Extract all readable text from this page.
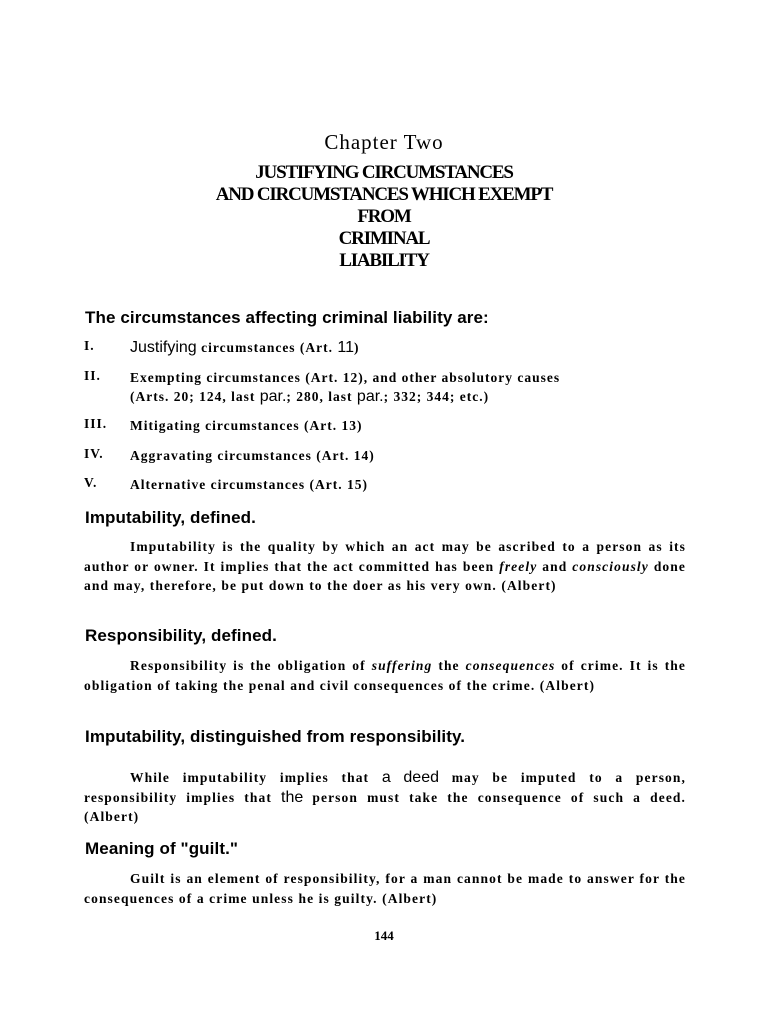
Chapter Two
JUSTIFYING CIRCUMSTANCES
AND CIRCUMSTANCES WHICH EXEMPT
FROM
CRIMINAL
LIABILITY
The circumstances affecting criminal liability are:
I. Justifying circumstances (Art. 11)
II. Exempting circumstances (Art. 12), and other absolutory causes
(Arts. 20; 124, last par.; 280, last par.; 332; 344; etc.)
III. Mitigating circumstances (Art. 13)
IV. Aggravating circumstances (Art. 14)
V. Alternative circumstances (Art. 15)
Imputability, defined.
Imputability is the quality by which an act may be ascribed to a person as its author or owner. It implies that the act committed has been freely and consciously done and may, therefore, be put down to the doer as his very own. (Albert)
Responsibility, defined.
Responsibility is the obligation of suffering the consequences of crime. It is the obligation of taking the penal and civil consequences of the crime. (Albert)
Imputability, distinguished from responsibility.
While imputability implies that a deed may be imputed to a person, responsibility implies that the person must take the consequence of such a deed. (Albert)
Meaning of "guilt."
Guilt is an element of responsibility, for a man cannot be made to answer for the consequences of a crime unless he is guilty. (Albert)
144
